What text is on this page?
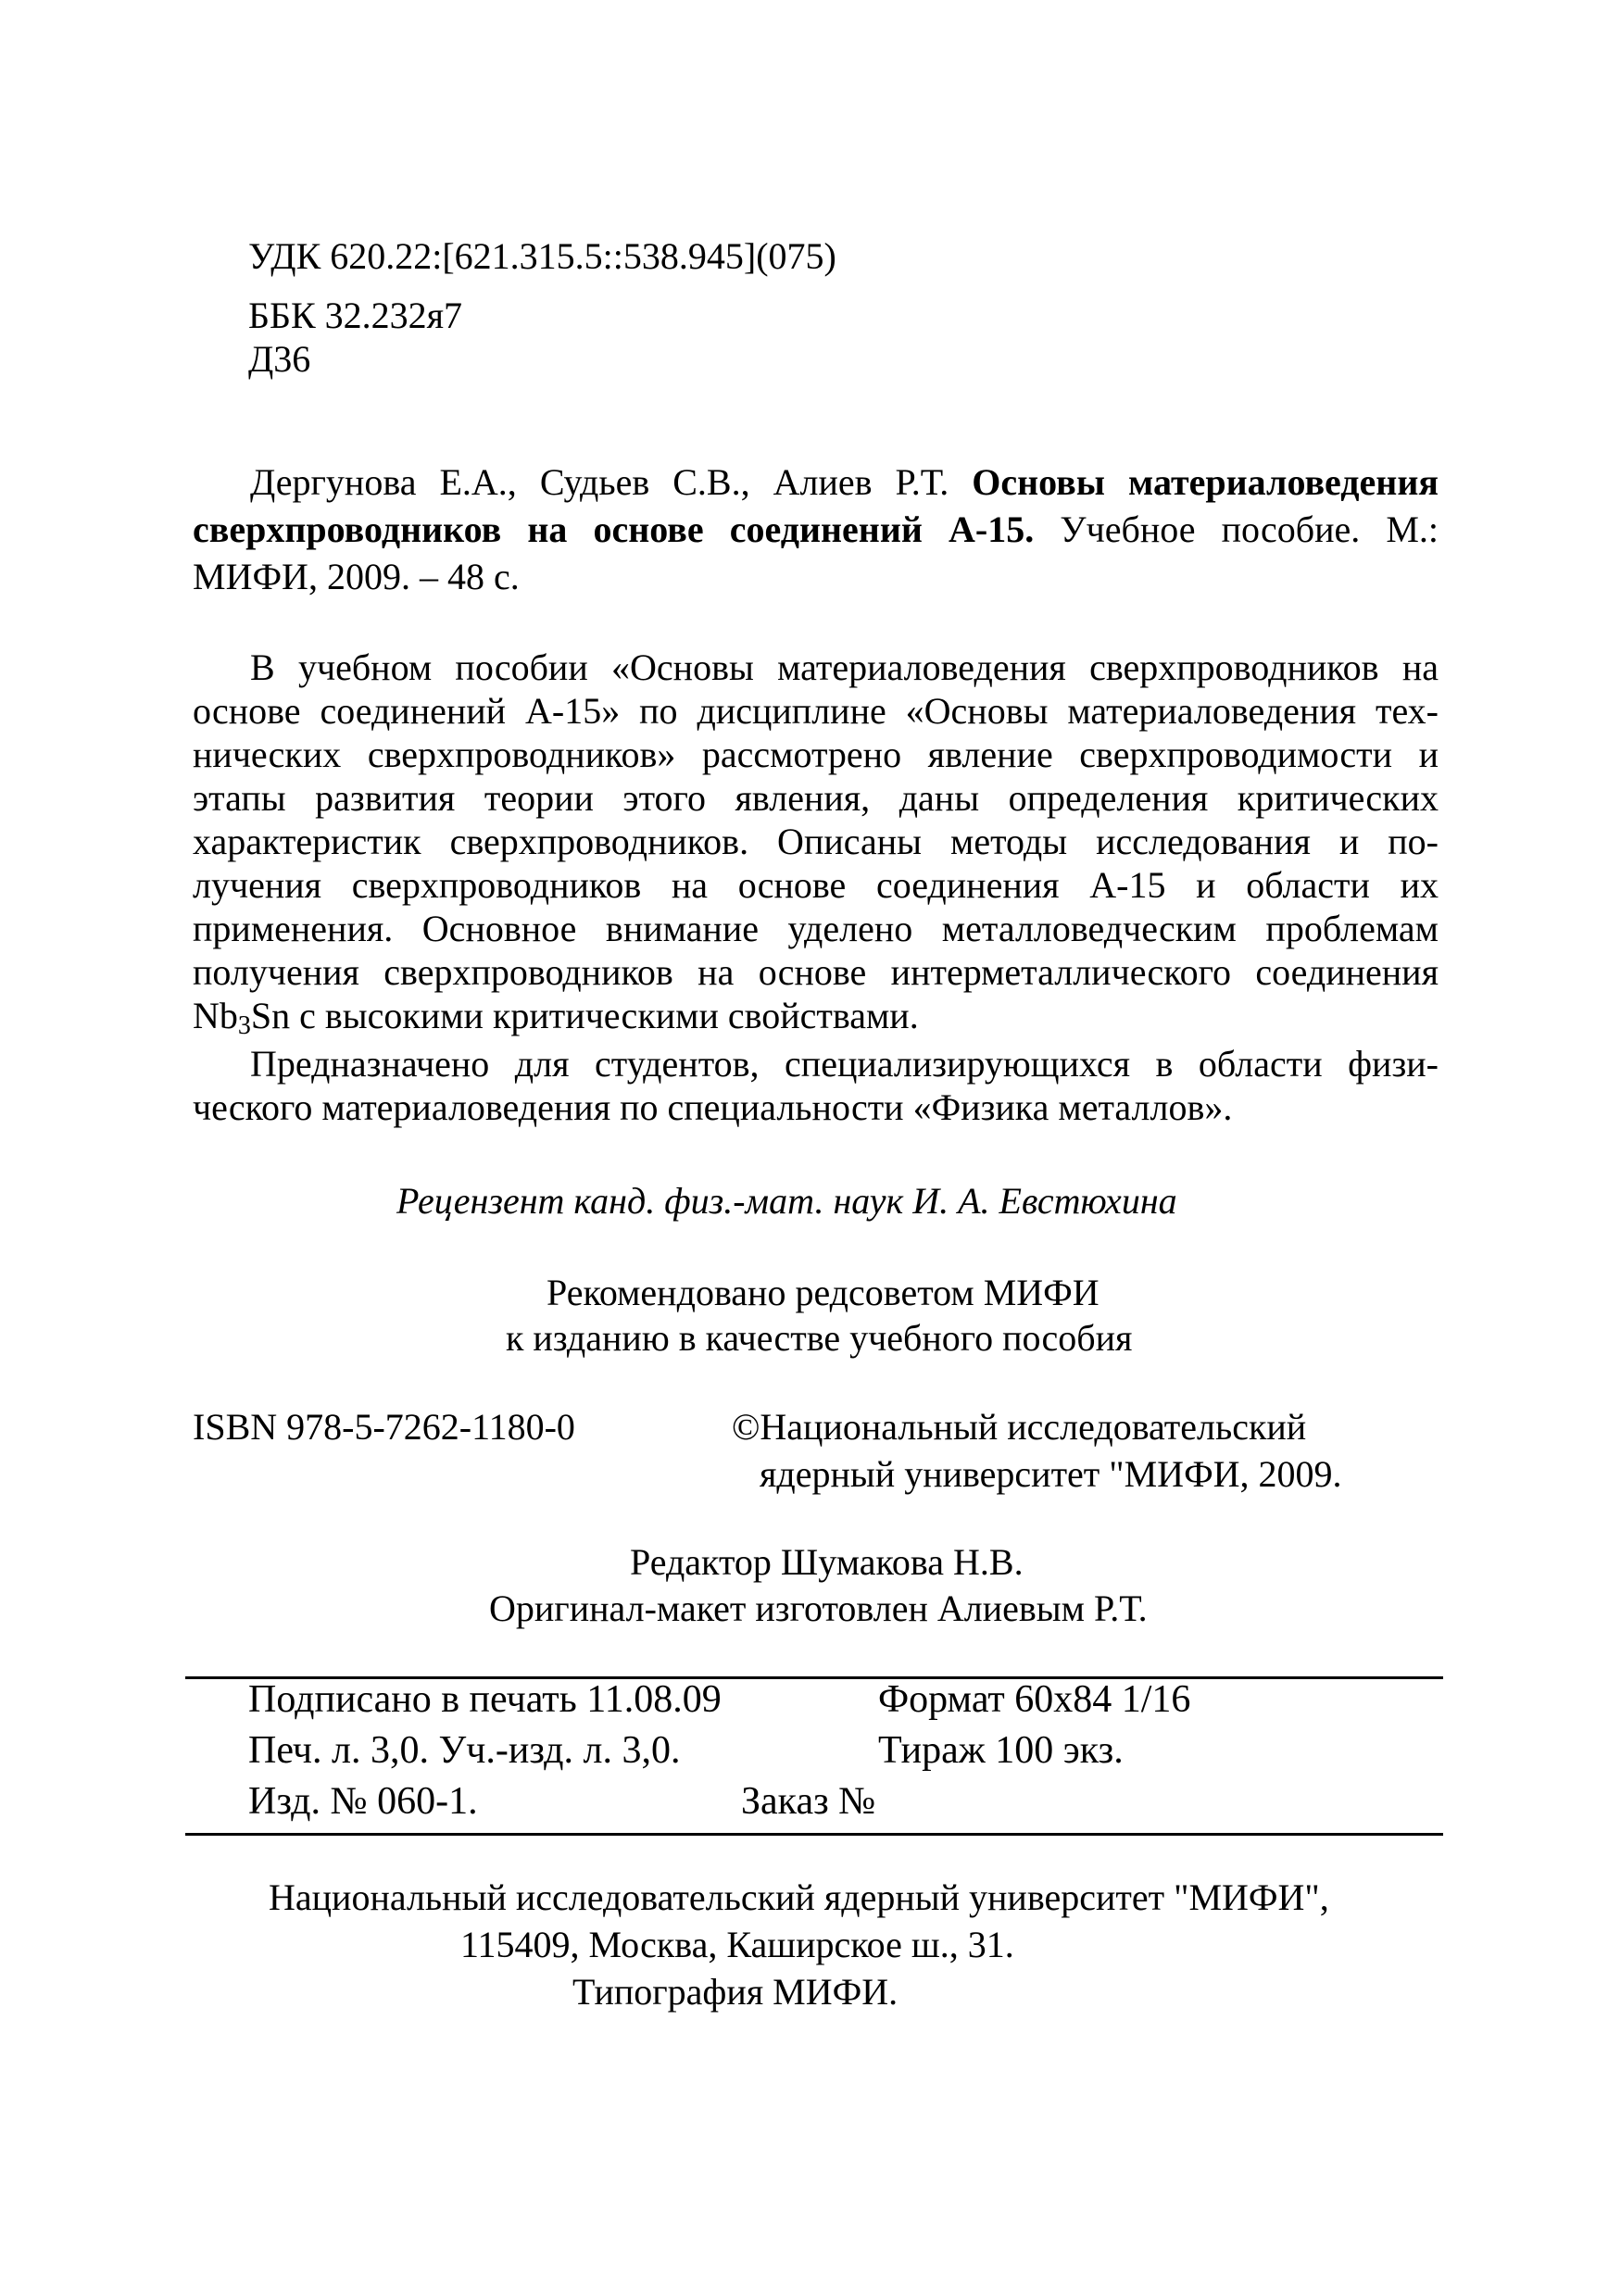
УДК 620.22:[621.315.5::538.945](075)
ББК 32.232я7
Д36
Дергунова Е.А., Судьев С.В., Алиев Р.Т. Основы материаловедения
сверхпроводников на основе соединений А-15. Учебное пособие. М.:
МИФИ, 2009. – 48 с.
В учебном пособии «Основы материаловедения сверхпроводников на
основе соединений А-15» по дисциплине «Основы материаловедения тех-
нических сверхпроводников» рассмотрено явление сверхпроводимости и
этапы развития теории этого явления, даны определения критических
характеристик сверхпроводников. Описаны методы исследования и по-
лучения сверхпроводников на основе соединения А-15 и области их
применения. Основное внимание уделено металловедческим проблемам
получения сверхпроводников на основе интерметаллического соединения
$Nb_3Sn$ с высокими критическими свойствами.
Предназначено для студентов, специализирующихся в области физи-
ческого материаловедения по специальности «Физика металлов».
Рецензент канд. физ.-мат. наук И. А. Евстюхина
Рекомендовано редсоветом МИФИ
к изданию в качестве учебного пособия
ISBN 978-5-7262-1180-0	©Национальный исследовательский
ядерный университет "МИФИ, 2009.
Редактор Шумакова Н.В.
Оригинал-макет изготовлен Алиевым Р.Т.
Подписано в печать 11.08.09	Формат 60х84 1/16
Печ. л. 3,0. Уч.-изд. л. 3,0.	Тираж 100 экз.
Изд. № 060-1.	Заказ №
Национальный исследовательский ядерный университет "МИФИ",
115409, Москва, Каширское ш., 31.
Типография МИФИ.
